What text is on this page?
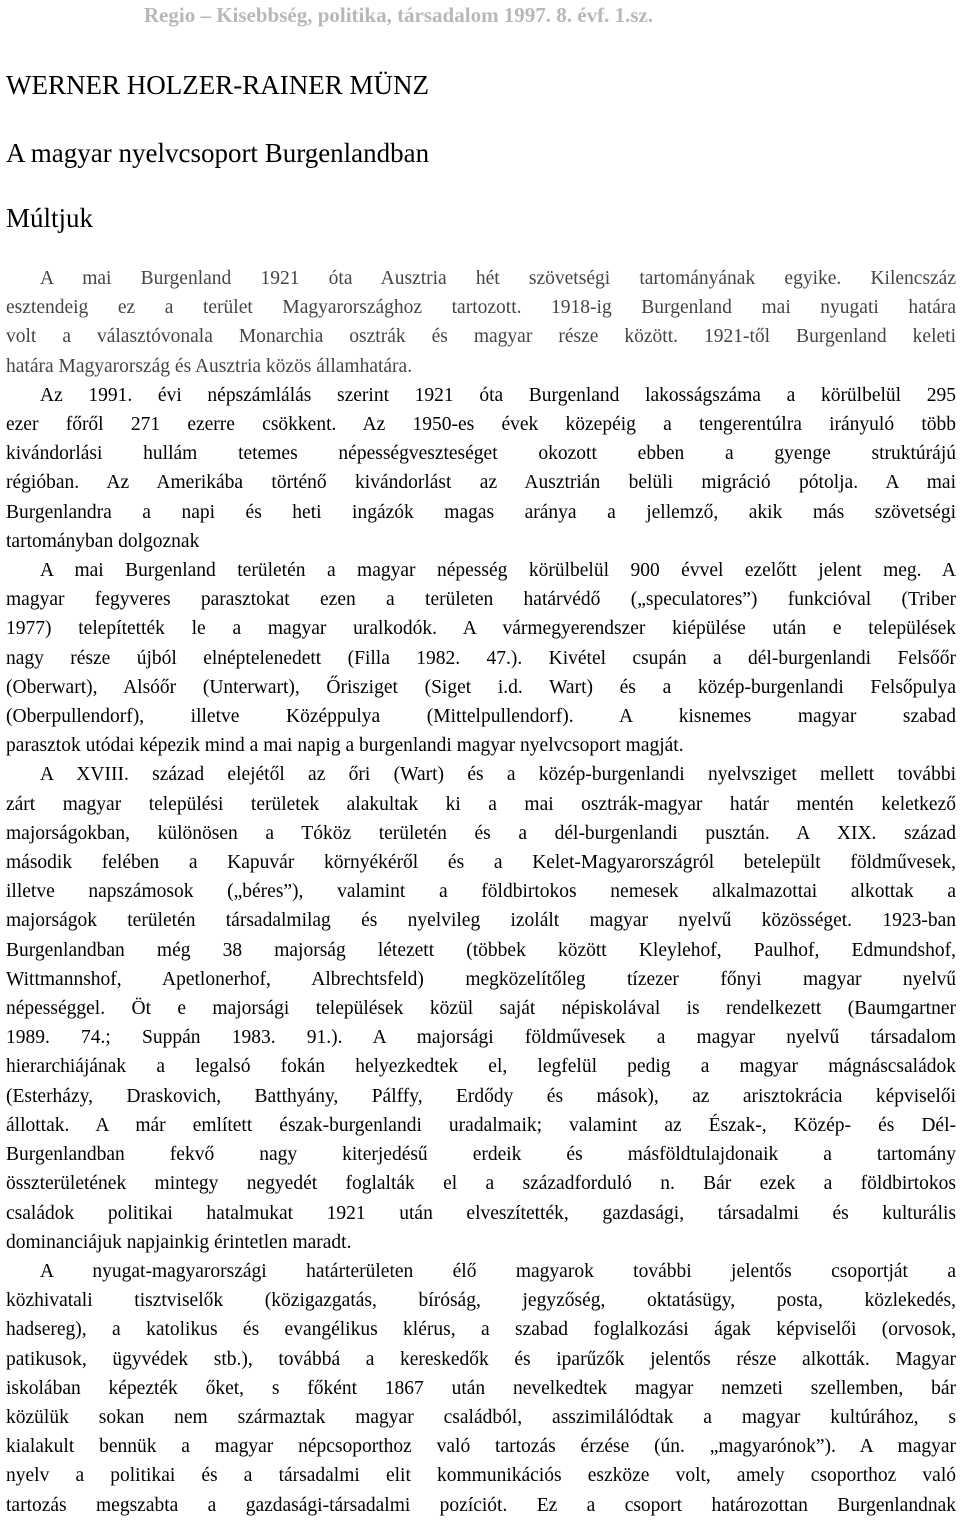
Regio – Kisebbség, politika, társadalom 1997. 8. évf. 1.sz.
WERNER HOLZER-RAINER MÜNZ
A magyar nyelvcsoport Burgenlandban
Múltjuk
A mai Burgenland 1921 óta Ausztria hét szövetségi tartományának egyike. Kilencszáz
esztendeig ez a terület Magyarországhoz tartozott. 1918-ig Burgenland mai nyugati határa
volt a választóvonala Monarchia osztrák és magyar része között. 1921-től Burgenland keleti
határa Magyarország és Ausztria közös államhatára.
Az 1991. évi népszámlálás szerint 1921 óta Burgenland lakosságszáma a körülbelül 295
ezer főről 271 ezerre csökkent. Az 1950-es évek közepéig a tengerentúlra irányuló több
kivándorlási hullám tetemes népességveszteséget okozott ebben a gyenge struktúrájú
régióban. Az Amerikába történő kivándorlást az Ausztrián belüli migráció pótolja. A mai
Burgenlandra a napi és heti ingázók magas aránya a jellemző, akik más szövetségi
tartományban dolgoznak
A mai Burgenland területén a magyar népesség körülbelül 900 évvel ezelőtt jelent meg. A
magyar fegyveres parasztokat ezen a területen határvédő („speculatores”) funkcióval (Triber
1977) telepítették le a magyar uralkodók. A vármegyerendszer kiépülése után e települések
nagy része újból elnéptelenedett (Filla 1982. 47.). Kivétel csupán a dél-burgenlandi Felsőőr
(Oberwart), Alsóőr (Unterwart), Őrisziget (Siget i.d. Wart) és a közép-burgenlandi Felsőpulya
(Oberpullendorf), illetve Középpulya (Mittelpullendorf). A kisnemes magyar szabad
parasztok utódai képezik mind a mai napig a burgenlandi magyar nyelvcsoport magját.
A XVIII. század elejétől az őri (Wart) és a közép-burgenlandi nyelvsziget mellett további
zárt magyar települési területek alakultak ki a mai osztrák-magyar határ mentén keletkező
majorságokban, különösen a Tóköz területén és a dél-burgenlandi pusztán. A XIX. század
második felében a Kapuvár környékéről és a Kelet-Magyarországról betelepült földművesek,
illetve napszámosok („béres”), valamint a földbirtokos nemesek alkalmazottai alkottak a
majorságok területén társadalmilag és nyelvileg izolált magyar nyelvű közösséget. 1923-ban
Burgenlandban még 38 majorság létezett (többek között Kleylehof, Paulhof, Edmundshof,
Wittmannshof, Apetlonerhof, Albrechtsfeld) megközelítőleg tízezer főnyi magyar nyelvű
népességgel. Öt e majorsági települések közül saját népiskolával is rendelkezett (Baumgartner
1989. 74.; Suppán 1983. 91.). A majorsági földművesek a magyar nyelvű társadalom
hierarchiájának a legalsó fokán helyezkedtek el, legfelül pedig a magyar mágnáscsaládok
(Esterházy, Draskovich, Batthyány, Pálffy, Erdődy és mások), az arisztokrácia képviselői
állottak. A már említett észak-burgenlandi uradalmaik; valamint az Észak-, Közép- és Dél-
Burgenlandban fekvő nagy kiterjedésű erdeik és másföldtulajdonaik a tartomány
összterületének mintegy negyedét foglalták el a századforduló n. Bár ezek a földbirtokos
családok politikai hatalmukat 1921 után elveszítették, gazdasági, társadalmi és kulturális
dominanciájuk napjainkig érintetlen maradt.
A nyugat-magyarországi határterületen élő magyarok további jelentős csoportját a
közhivatali tisztviselők (közigazgatás, bíróság, jegyzőség, oktatásügy, posta, közlekedés,
hadsereg), a katolikus és evangélikus klérus, a szabad foglalkozási ágak képviselői (orvosok,
patikusok, ügyvédek stb.), továbbá a kereskedők és iparűzők jelentős része alkották. Magyar
iskolában képezték őket, s főként 1867 után nevelkedtek magyar nemzeti szellemben, bár
közülük sokan nem származtak magyar családból, asszimilálódtak a magyar kultúrához, s
kialakult bennük a magyar népcsoporthoz való tartozás érzése (ún. „magyarónok”). A magyar
nyelv a politikai és a társadalmi elit kommunikációs eszköze volt, amely csoporthoz való
tartozás megszabta a gazdasági-társadalmi pozíciót. Ez a csoport határozottan Burgenlandnak
